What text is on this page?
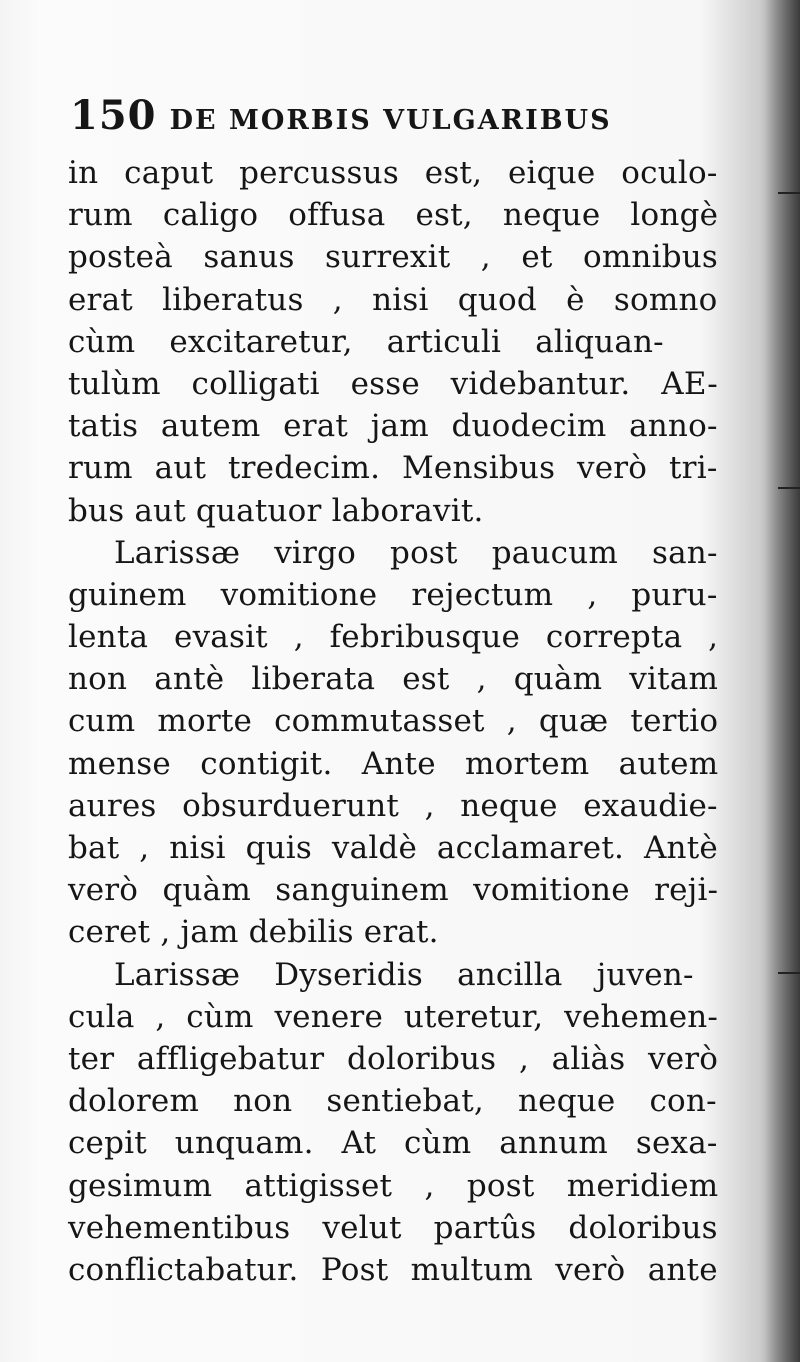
150 DE MORBIS VULGARIBUS
in caput percussus est, eique oculo-
rum caligo offusa est, neque longè
posteà sanus surrexit , et omnibus
erat liberatus , nisi quod è somno
cùm excitaretur, articuli aliquan-
tulùm colligati esse videbantur. AE-
tatis autem erat jam duodecim anno-
rum aut tredecim. Mensibus verò tri-
bus aut quatuor laboravit.
Larissæ virgo post paucum san-
guinem vomitione rejectum , puru-
lenta evasit , febribusque correpta ,
non antè liberata est , quàm vitam
cum morte commutasset , quæ tertio
mense contigit. Ante mortem autem
aures obsurduerunt , neque exaudie-
bat , nisi quis valdè acclamaret. Antè
verò quàm sanguinem vomitione reji-
ceret , jam debilis erat.
Larissæ Dyseridis ancilla juven-
cula , cùm venere uteretur, vehemen-
ter affligebatur doloribus , aliàs verò
dolorem non sentiebat, neque con-
cepit unquam. At cùm annum sexa-
gesimum attigisset , post meridiem
vehementibus velut partûs doloribus
conflictabatur. Post multum verò ante
